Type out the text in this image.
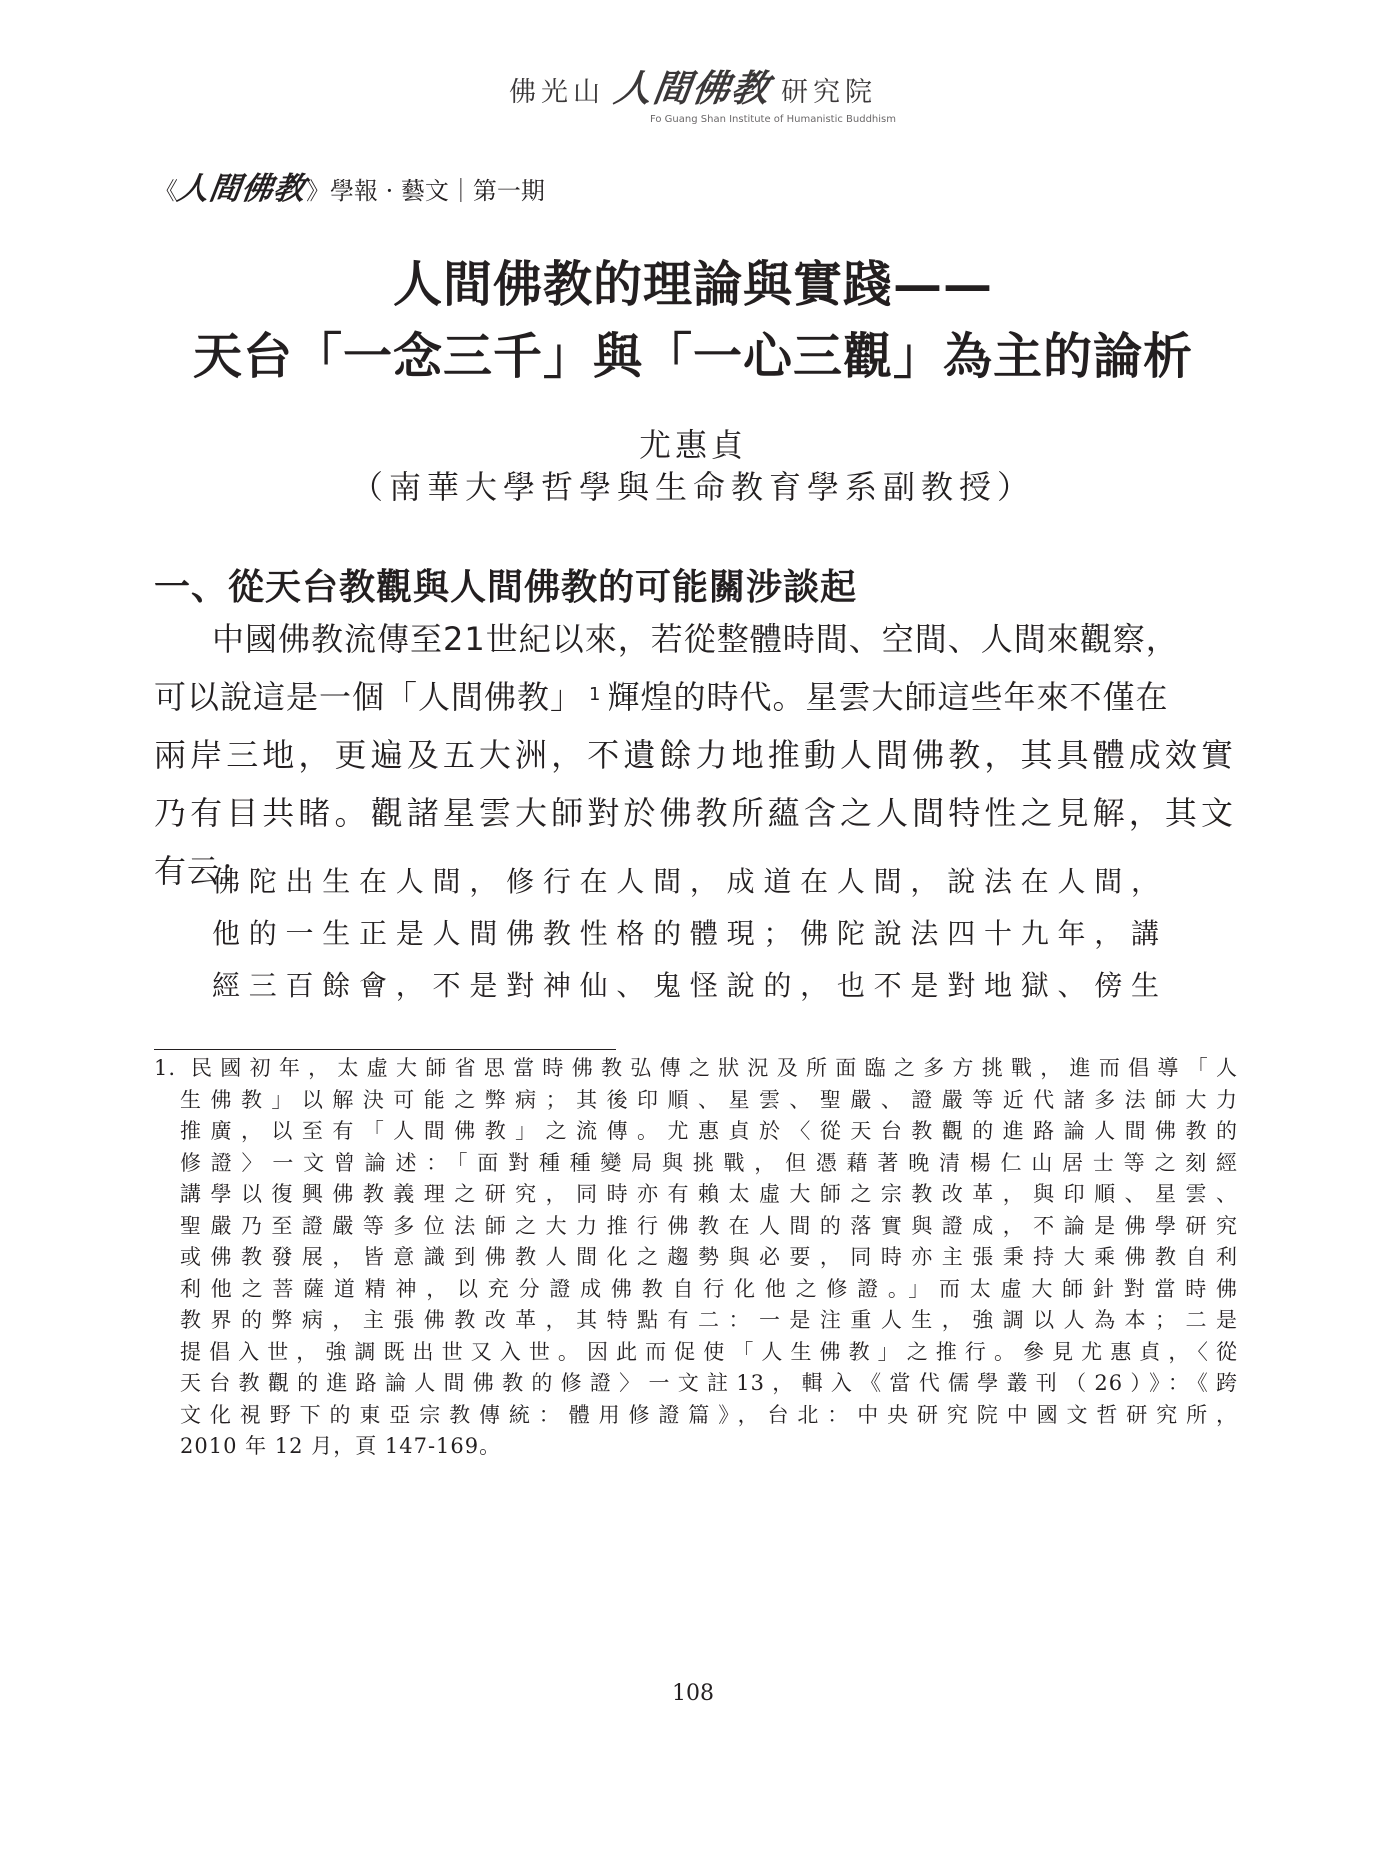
佛光山 人間佛教 研究院
Fo Guang Shan Institute of Humanistic Buddhism
《
人間佛教
》 學報 · 藝文｜第一期
人間佛教的理論與實踐——
天台「一念三千」與「一心三觀」為主的論析
尤惠貞
（南華大學哲學與生命教育學系副教授）
一、從天台教觀與人間佛教的可能關涉談起
中國佛教流傳至21世紀以來，若從整體時間、空間、人間來觀察，
可以說這是一個「人間佛教」 $^1$ 輝煌的時代。星雲大師這些年來不僅在
兩岸三地，更遍及五大洲，不遺餘力地推動人間佛教，其具體成效實
乃有目共睹。觀諸星雲大師對於佛教所蘊含之人間特性之見解，其文
有云：
佛陀出生在人間，修行在人間，成道在人間，說法在人間，
他的一生正是人間佛教性格的體現；佛陀說法四十九年，講
經三百餘會，不是對神仙、鬼怪說的，也不是對地獄、傍生
1. 民國初年，太虛大師省思當時佛教弘傳之狀況及所面臨之多方挑戰，進而倡導「人
生佛教」以解決可能之弊病；其後印順、星雲、聖嚴、證嚴等近代諸多法師大力
推廣，以至有「人間佛教」之流傳。尤惠貞於〈從天台教觀的進路論人間佛教的
修證〉一文曾論述：「面對種種變局與挑戰，但憑藉著晚清楊仁山居士等之刻經
講學以復興佛教義理之研究，同時亦有賴太虛大師之宗教改革，與印順、星雲、
聖嚴乃至證嚴等多位法師之大力推行佛教在人間的落實與證成，不論是佛學研究
或佛教發展，皆意識到佛教人間化之趨勢與必要，同時亦主張秉持大乘佛教自利
利他之菩薩道精神，以充分證成佛教自行化他之修證。」而太虛大師針對當時佛
教界的弊病，主張佛教改革，其特點有二：一是注重人生，強調以人為本；二是
提倡入世，強調既出世又入世。因此而促使「人生佛教」之推行。參見尤惠貞，〈從
天台教觀的進路論人間佛教的修證〉一文註13，輯入《當代儒學叢刊（26）》：《跨
文化視野下的東亞宗教傳統：體用修證篇》，台北：中央研究院中國文哲研究所，
2010 年 12 月，頁 147-169。
108
